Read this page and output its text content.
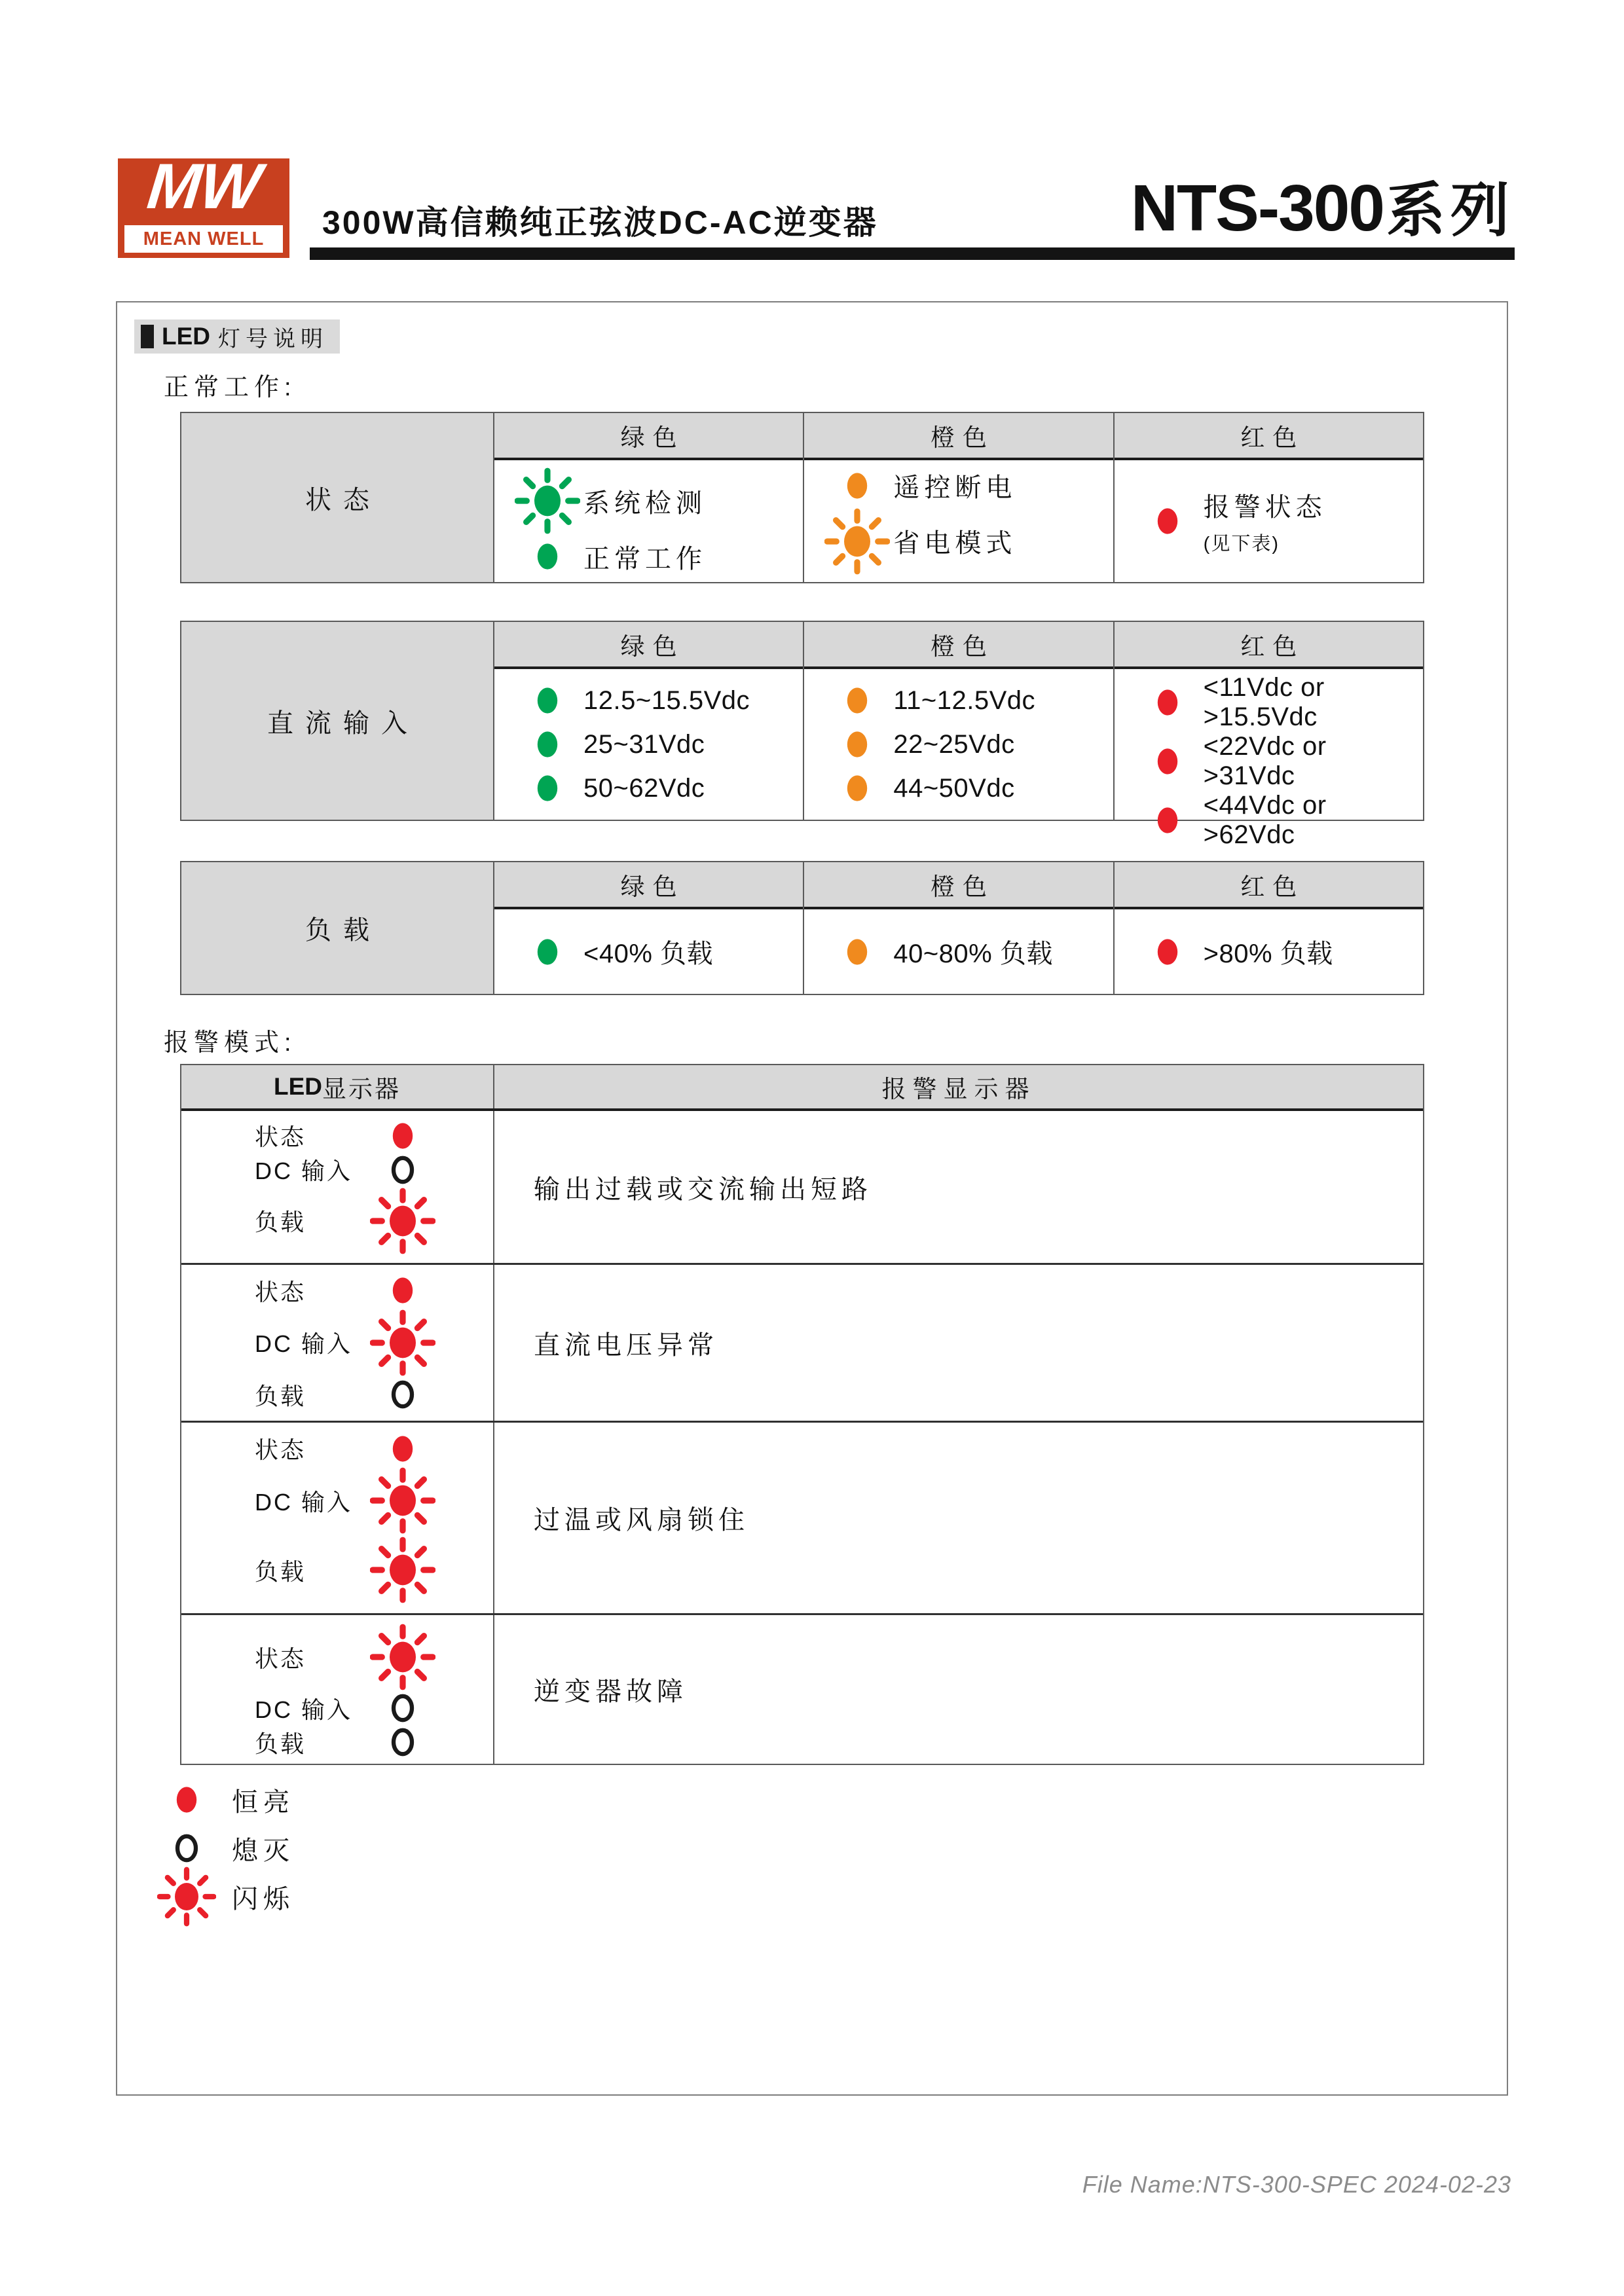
MW
MEAN WELL 300W高信赖纯正弦波DC-AC逆变器	NTS-300 系列
LED 灯号说明
正常工作:
状态
绿色
系统检测
正常工作
橙色
遥控断电
省电模式
红色
报警状态
(见下表)
直流输入
绿色
12.5~15.5Vdc
25~31Vdc
50~62Vdc
橙色
11~12.5Vdc
22~25Vdc
44~50Vdc
红色
<11Vdc or >15.5Vdc
<22Vdc or >31Vdc
<44Vdc or >62Vdc
负载
绿色
<40% 负载
橙色
40~80% 负载
红色
>80% 负载
报警模式:
LED 显示器	报警显示器
状态
DC 输入
负载
输出过载或交流输出短路
状态
DC 输入
负载
直流电压异常
状态
DC 输入
负载
过温或风扇锁住
状态
DC 输入
负载
逆变器故障
恒亮
熄灭
闪烁
File Name:NTS-300-SPEC 2024-02-23
